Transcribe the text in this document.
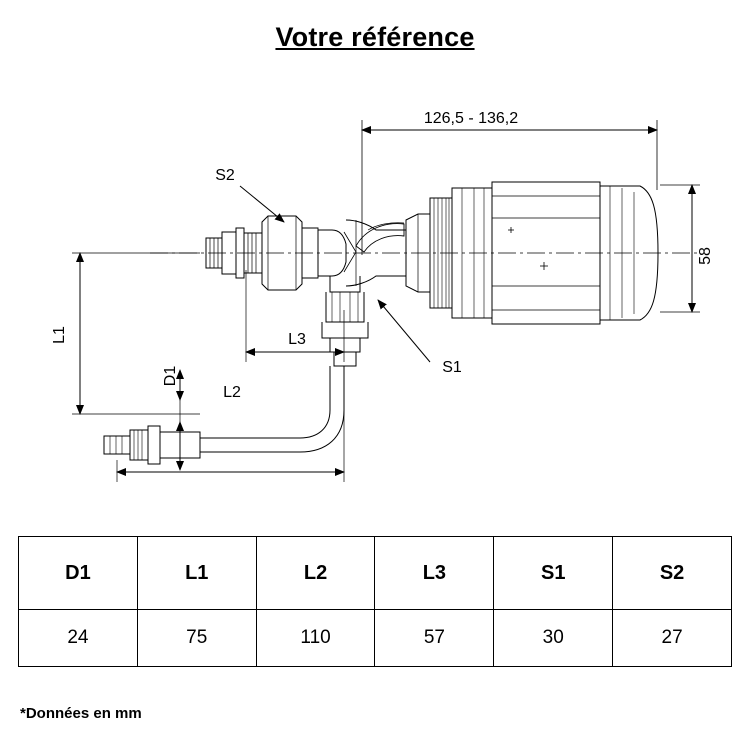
Votre référence
126,5 - 136,2
58
S2
S1
L1
L2
L3
D1
D1	L1	L2	L3	S1	S2
24	75	110	57	30	27
*Données en mm
